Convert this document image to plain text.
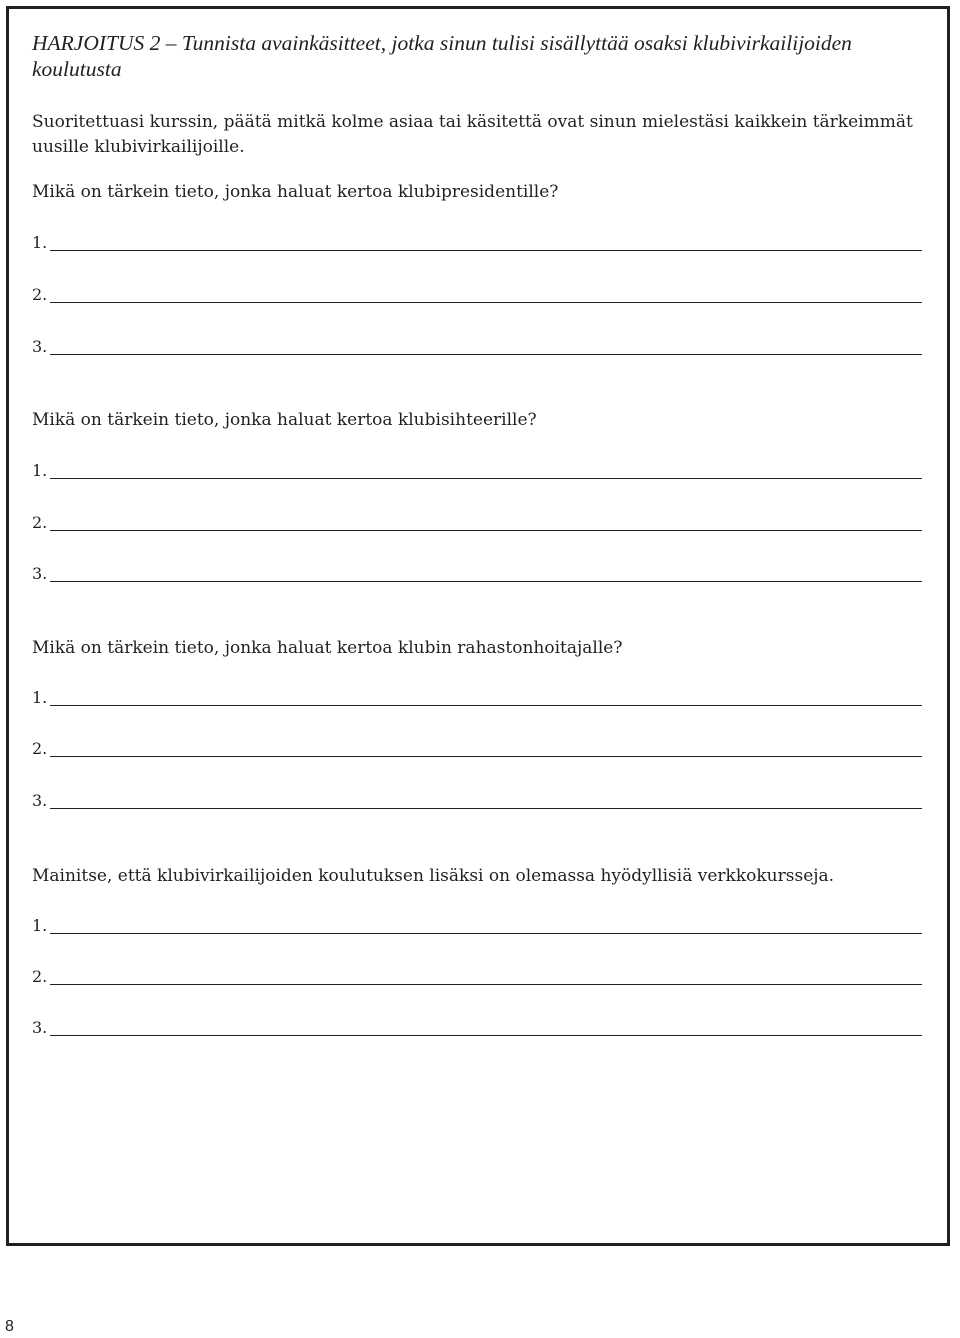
HARJOITUS 2 – Tunnista avainkäsitteet, jotka sinun tulisi sisällyttää osaksi klubivirkailijoiden koulutusta

Suoritettuasi kurssin, päätä mitkä kolme asiaa tai käsitettä ovat sinun mielestäsi kaikkein tärkeimmät uusille klubivirkailijoille.

Mikä on tärkein tieto, jonka haluat kertoa klubipresidentille?

1.
2.
3.

Mikä on tärkein tieto, jonka haluat kertoa klubisihteerille?

1.
2.
3.

Mikä on tärkein tieto, jonka haluat kertoa klubin rahastonhoitajalle?

1.
2.
3.

Mainitse, että klubivirkailijoiden koulutuksen lisäksi on olemassa hyödyllisiä verkkokursseja.

1.
2.
3.
8
